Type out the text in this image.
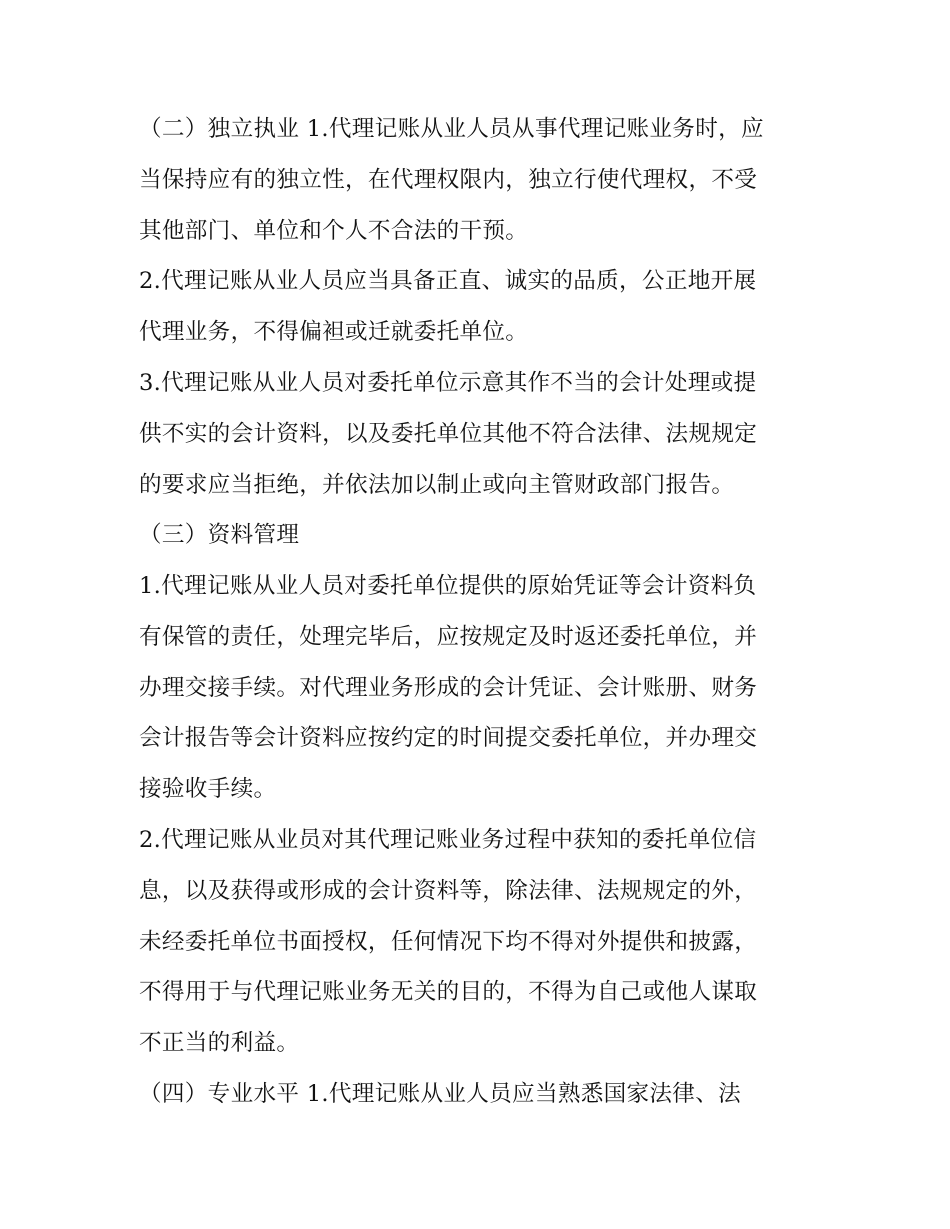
（二）独立执业 1.代理记账从业人员从事代理记账业务时，应
当保持应有的独立性，在代理权限内，独立行使代理权，不受
其他部门、单位和个人不合法的干预。
2.代理记账从业人员应当具备正直、诚实的品质，公正地开展
代理业务，不得偏袒或迁就委托单位。
3.代理记账从业人员对委托单位示意其作不当的会计处理或提
供不实的会计资料，以及委托单位其他不符合法律、法规规定
的要求应当拒绝，并依法加以制止或向主管财政部门报告。
（三）资料管理
1.代理记账从业人员对委托单位提供的原始凭证等会计资料负
有保管的责任，处理完毕后，应按规定及时返还委托单位，并
办理交接手续。对代理业务形成的会计凭证、会计账册、财务
会计报告等会计资料应按约定的时间提交委托单位，并办理交
接验收手续。
2.代理记账从业员对其代理记账业务过程中获知的委托单位信
息，以及获得或形成的会计资料等，除法律、法规规定的外，
未经委托单位书面授权，任何情况下均不得对外提供和披露，
不得用于与代理记账业务无关的目的，不得为自己或他人谋取
不正当的利益。
（四）专业水平 1.代理记账从业人员应当熟悉国家法律、法
